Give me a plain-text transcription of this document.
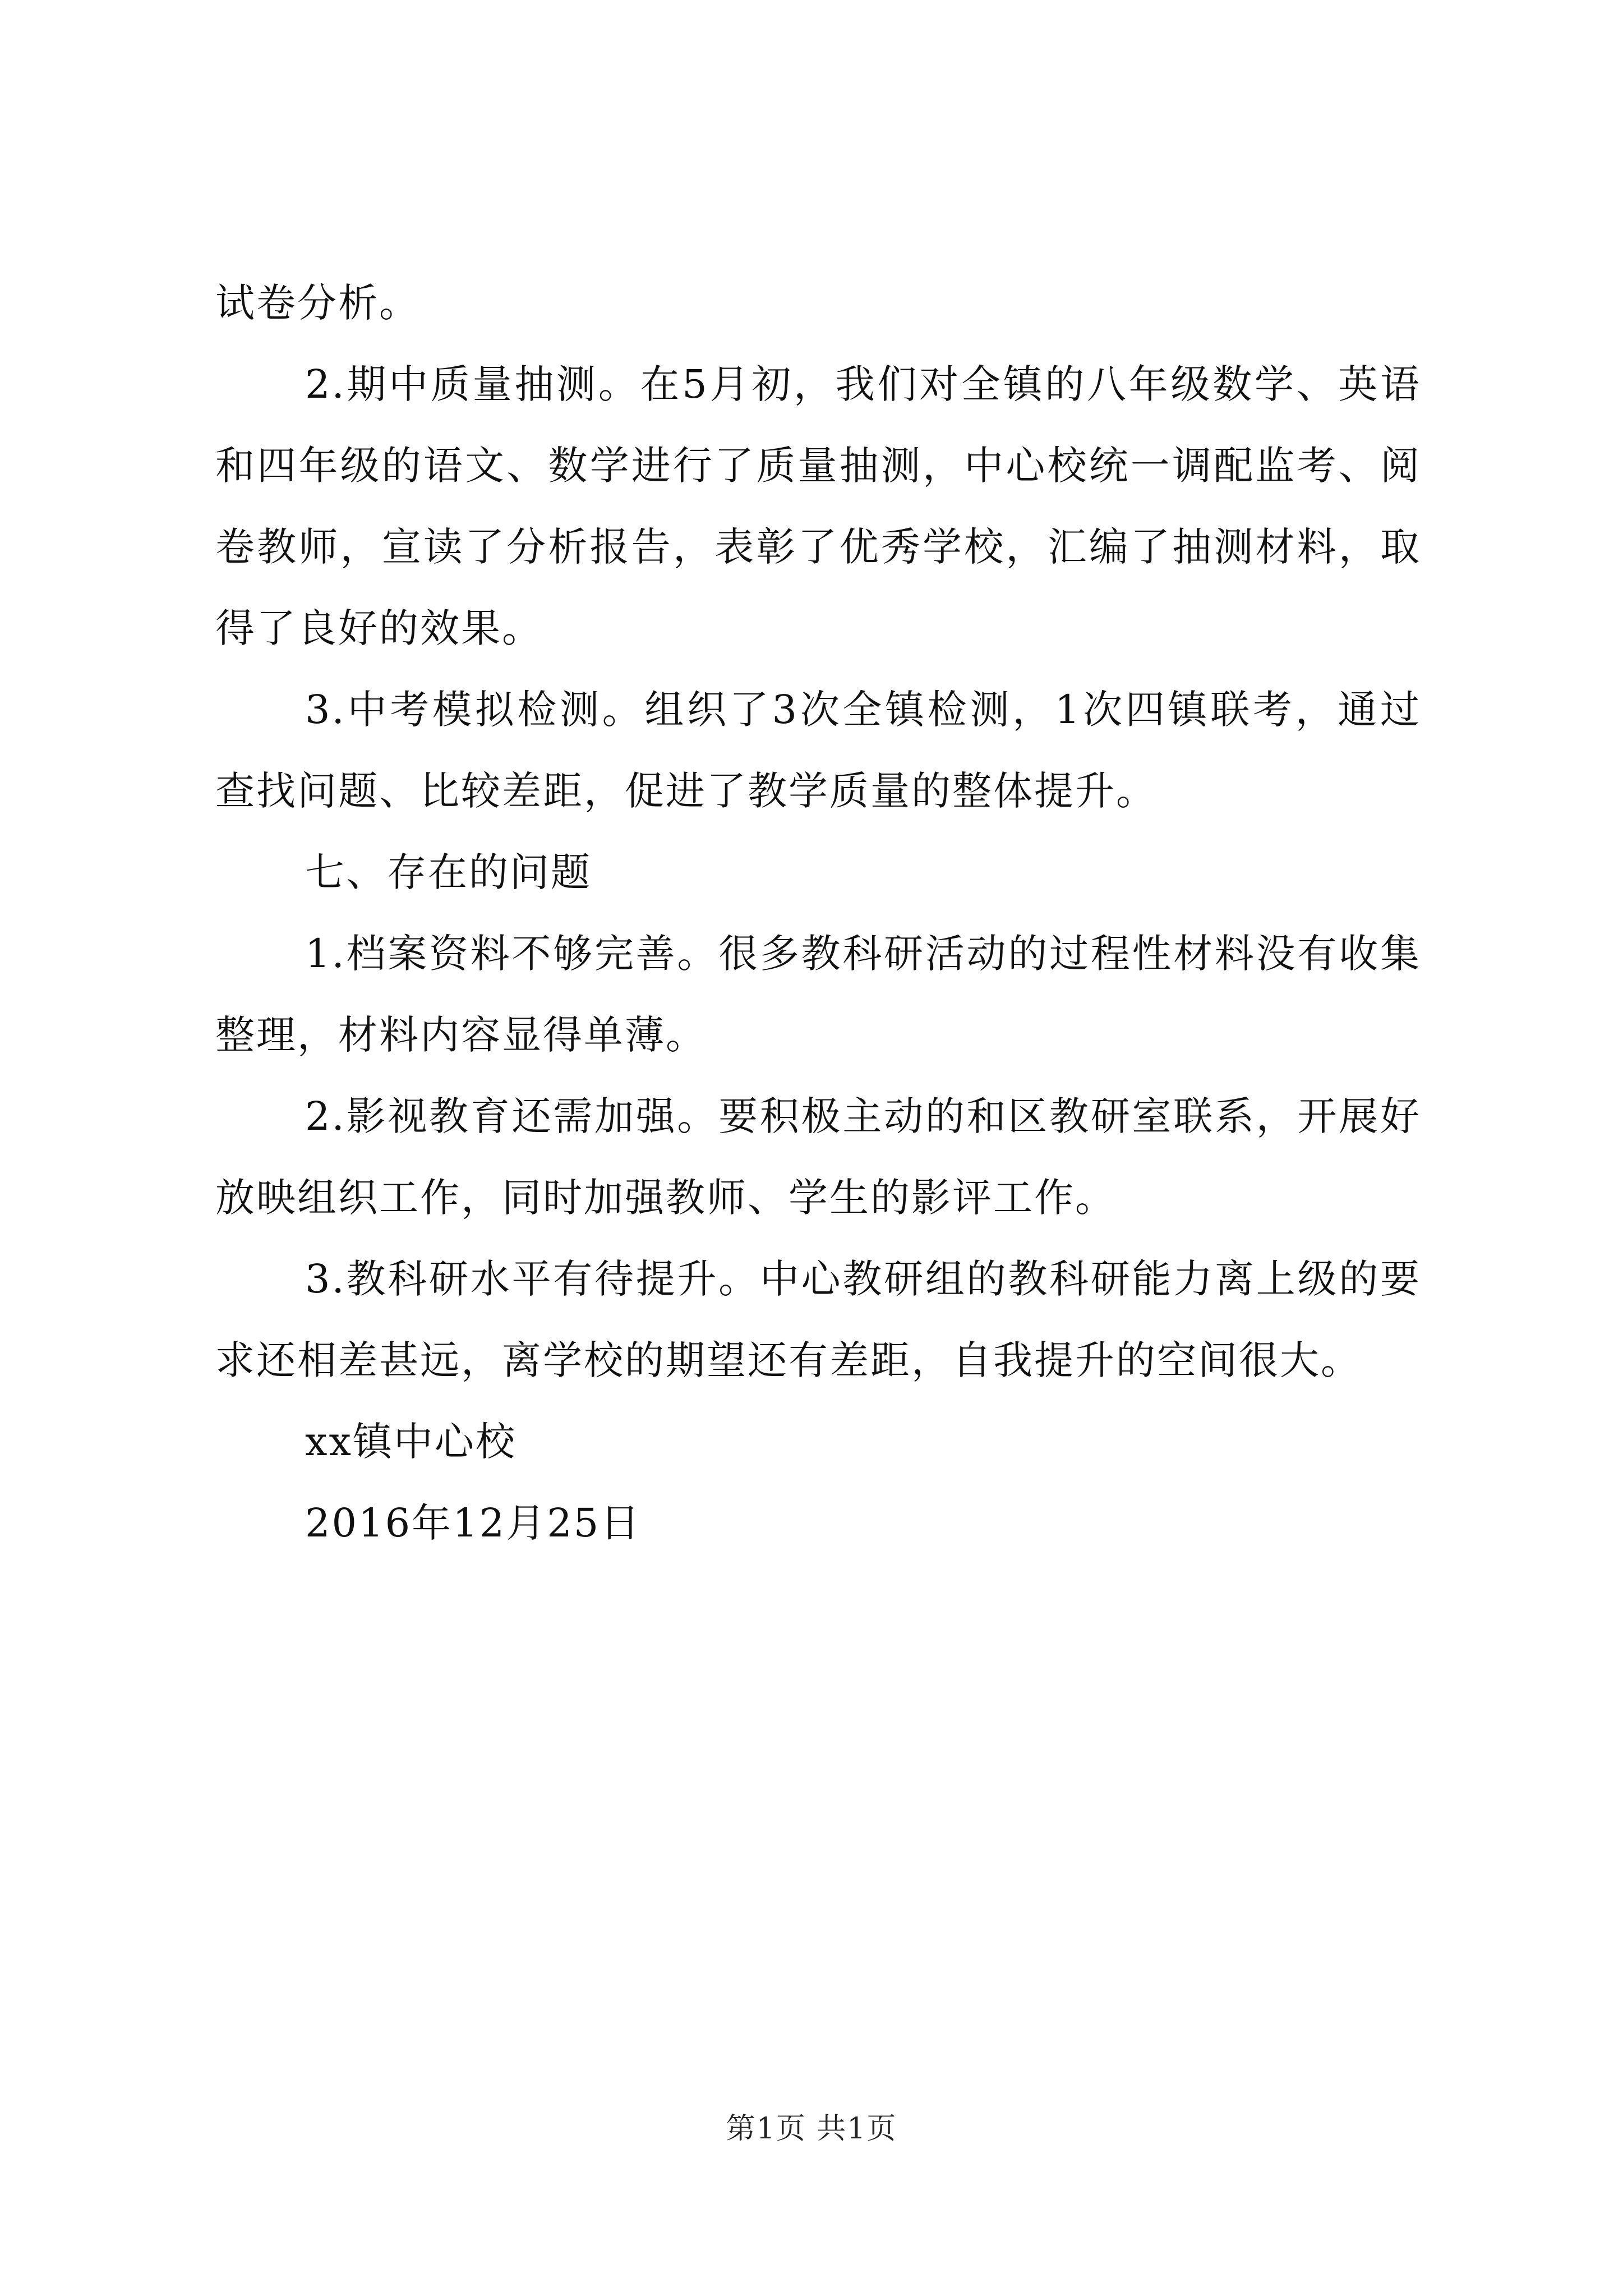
试卷分析。

2.期中质量抽测。在5月初，我们对全镇的八年级数学、英语和四年级的语文、数学进行了质量抽测，中心校统一调配监考、阅卷教师，宣读了分析报告，表彰了优秀学校，汇编了抽测材料，取得了良好的效果。

3.中考模拟检测。组织了3次全镇检测，1次四镇联考，通过查找问题、比较差距，促进了教学质量的整体提升。

七、存在的问题

1.档案资料不够完善。很多教科研活动的过程性材料没有收集整理，材料内容显得单薄。

2.影视教育还需加强。要积极主动的和区教研室联系，开展好放映组织工作，同时加强教师、学生的影评工作。

3.教科研水平有待提升。中心教研组的教科研能力离上级的要求还相差甚远，离学校的期望还有差距，自我提升的空间很大。

xx镇中心校

2016年12月25日

第1页 共1页
